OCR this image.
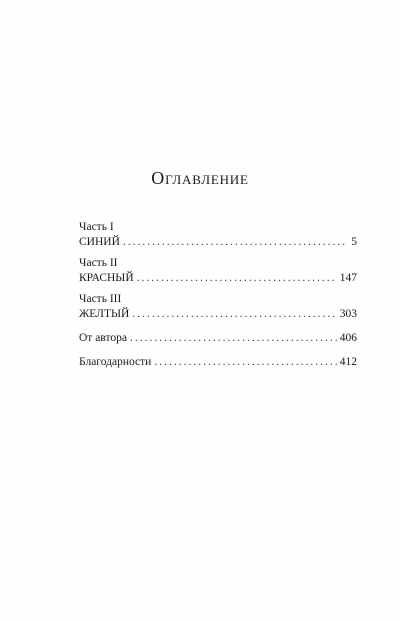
Оглавление
Часть I
СИНИЙ .....	5
Часть II
КРАСНЫЙ .....	147
Часть III
ЖЕЛТЫЙ .....	303
От автора .....	406
Благодарности .....	412
